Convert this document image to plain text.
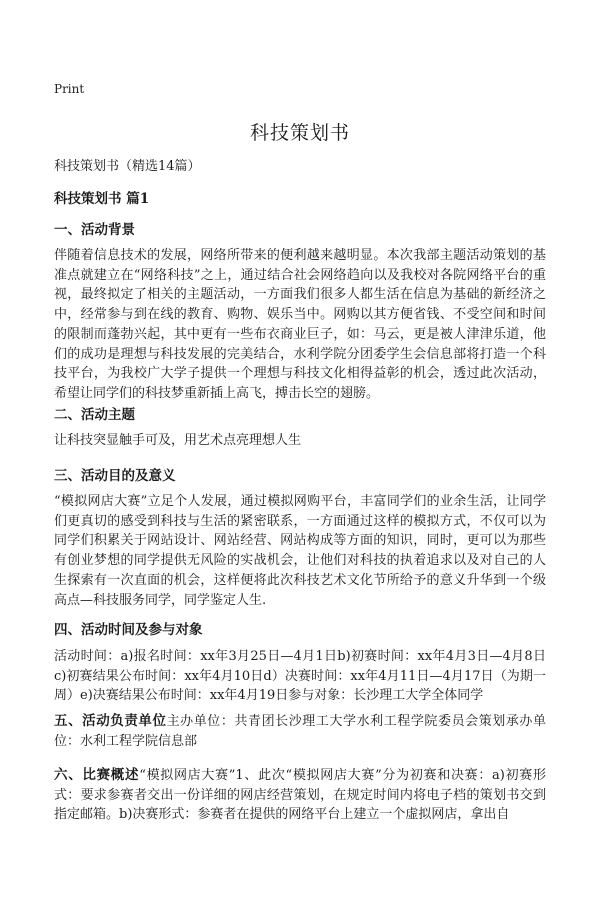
Print
科技策划书
科技策划书（精选14篇）
科技策划书 篇1
一、活动背景
伴随着信息技术的发展，网络所带来的便利越来越明显。本次我部主题活动策划的基准点就建立在“网络科技”之上，通过结合社会网络趋向以及我校对各院网络平台的重视，最终拟定了相关的主题活动，一方面我们很多人都生活在信息为基础的新经济之中，经常参与到在线的教育、购物、娱乐当中。网购以其方便省钱、不受空间和时间的限制而蓬勃兴起，其中更有一些布衣商业巨子，如：马云，更是被人津津乐道，他们的成功是理想与科技发展的完美结合，水利学院分团委学生会信息部将打造一个科技平台，为我校广大学子提供一个理想与科技文化相得益彰的机会，透过此次活动，希望让同学们的科技梦重新插上高飞，搏击长空的翅膀。
二、活动主题
让科技突显触手可及，用艺术点亮理想人生
三、活动目的及意义
“模拟网店大赛”立足个人发展，通过模拟网购平台，丰富同学们的业余生活，让同学们更真切的感受到科技与生活的紧密联系，一方面通过这样的模拟方式，不仅可以为同学们积累关于网站设计、网站经营、网站构成等方面的知识，同时，更可以为那些有创业梦想的同学提供无风险的实战机会，让他们对科技的执着追求以及对自己的人生探索有一次直面的机会，这样便将此次科技艺术文化节所给予的意义升华到一个级高点—科技服务同学，同学鉴定人生.
四、活动时间及参与对象
活动时间：a)报名时间：xx年3月25日—4月1日b)初赛时间：xx年4月3日—4月8日c)初赛结果公布时间：xx年4月10日d）决赛时间：xx年4月11日—4月17日（为期一周）e)决赛结果公布时间：xx年4月19日参与对象：长沙理工大学全体同学
五、活动负责单位主办单位：共青团长沙理工大学水利工程学院委员会策划承办单位：水利工程学院信息部
六、比赛概述“模拟网店大赛”1、此次“模拟网店大赛”分为初赛和决赛：a)初赛形式：要求参赛者交出一份详细的网店经营策划，在规定时间内将电子档的策划书交到指定邮箱。b)决赛形式：参赛者在提供的网络平台上建立一个虚拟网店，拿出自
